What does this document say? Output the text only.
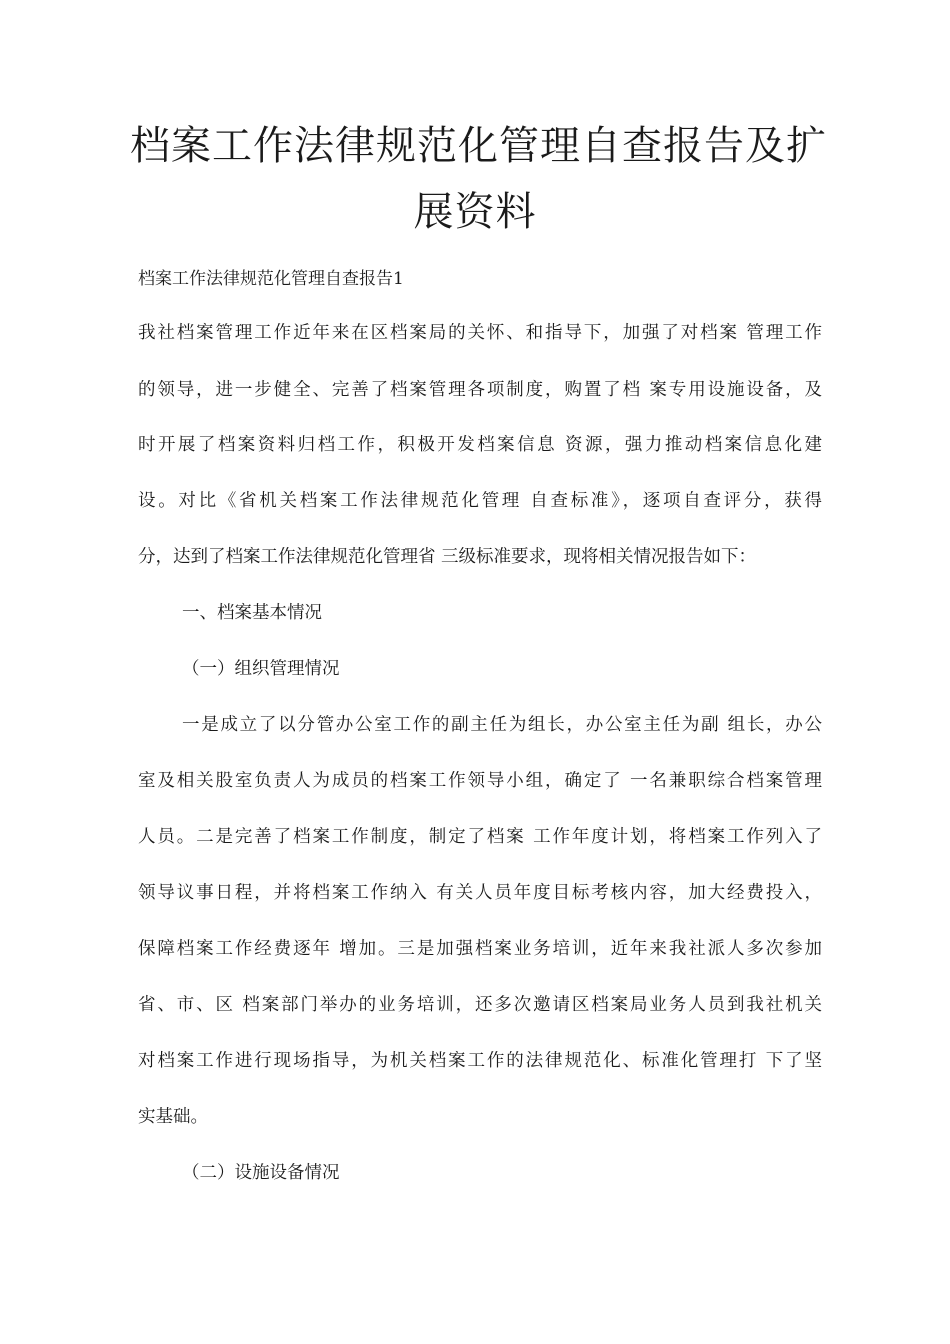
档案工作法律规范化管理自查报告及扩
展资料
档案工作法律规范化管理自查报告1
我社档案管理工作近年来在区档案局的关怀、和指导下，加强了对档案 管理工作
的领导，进一步健全、完善了档案管理各项制度，购置了档 案专用设施设备，及
时开展了档案资料归档工作，积极开发档案信息 资源，强力推动档案信息化建
设。对比《省机关档案工作法律规范化管理 自查标准》，逐项自查评分，获得
分，达到了档案工作法律规范化管理省 三级标准要求，现将相关情况报告如下：
一、档案基本情况
（一）组织管理情况
一是成立了以分管办公室工作的副主任为组长，办公室主任为副 组长，办公
室及相关股室负责人为成员的档案工作领导小组，确定了 一名兼职综合档案管理
人员。二是完善了档案工作制度，制定了档案 工作年度计划，将档案工作列入了
领导议事日程，并将档案工作纳入 有关人员年度目标考核内容，加大经费投入，
保障档案工作经费逐年 增加。三是加强档案业务培训，近年来我社派人多次参加
省、市、区 档案部门举办的业务培训，还多次邀请区档案局业务人员到我社机关
对档案工作进行现场指导，为机关档案工作的法律规范化、标准化管理打 下了坚
实基础。
（二）设施设备情况
